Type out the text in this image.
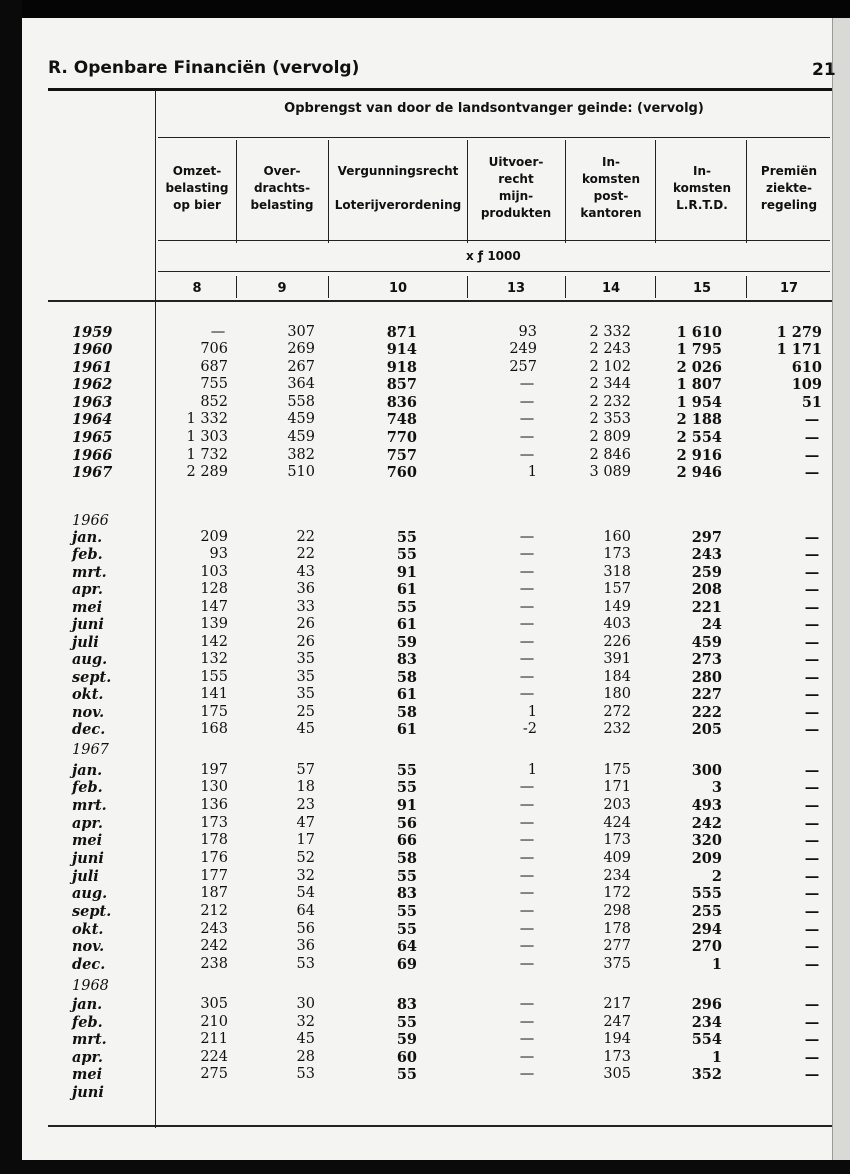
R. Openbare Financiën (vervolg)	21
Opbrengst van door de landsontvanger geinde: (vervolg)
Omzet-
belasting
op bier
8
Over-
drachts-
belasting
9
Vergunningsrecht
Loterijverordening
10
Uitvoer-
recht
mijn-
produkten
13
In-
komsten
post-
kantoren
14
In-
komsten
L.R.T.D.
15
Premiën
ziekte-
regeling
17
x ƒ 1000
1959	—	307	871	93	2 332	1 610	1 279
1960	706	269	914	249	2 243	1 795	1 171
1961	687	267	918	257	2 102	2 026	610
1962	755	364	857	—	2 344	1 807	109
1963	852	558	836	—	2 232	1 954	51
1964	1 332	459	748	—	2 353	2 188	—
1965	1 303	459	770	—	2 809	2 554	—
1966	1 732	382	757	—	2 846	2 916	—
1967	2 289	510	760	1	3 089	2 946	—
1966
jan.	209	22	55	—	160	297	—
feb.	93	22	55	—	173	243	—
mrt.	103	43	91	—	318	259	—
apr.	128	36	61	—	157	208	—
mei	147	33	55	—	149	221	—
juni	139	26	61	—	403	24	—
juli	142	26	59	—	226	459	—
aug.	132	35	83	—	391	273	—
sept.	155	35	58	—	184	280	—
okt.	141	35	61	—	180	227	—
nov.	175	25	58	1	272	222	—
dec.	168	45	61	-2	232	205	—
1967
jan.	197	57	55	1	175	300	—
feb.	130	18	55	—	171	3	—
mrt.	136	23	91	—	203	493	—
apr.	173	47	56	—	424	242	—
mei	178	17	66	—	173	320	—
juni	176	52	58	—	409	209	—
juli	177	32	55	—	234	2	—
aug.	187	54	83	—	172	555	—
sept.	212	64	55	—	298	255	—
okt.	243	56	55	—	178	294	—
nov.	242	36	64	—	277	270	—
dec.	238	53	69	—	375	1	—
1968
jan.	305	30	83	—	217	296	—
feb.	210	32	55	—	247	234	—
mrt.	211	45	59	—	194	554	—
apr.	224	28	60	—	173	1	—
mei	275	53	55	—	305	352	—
juni
